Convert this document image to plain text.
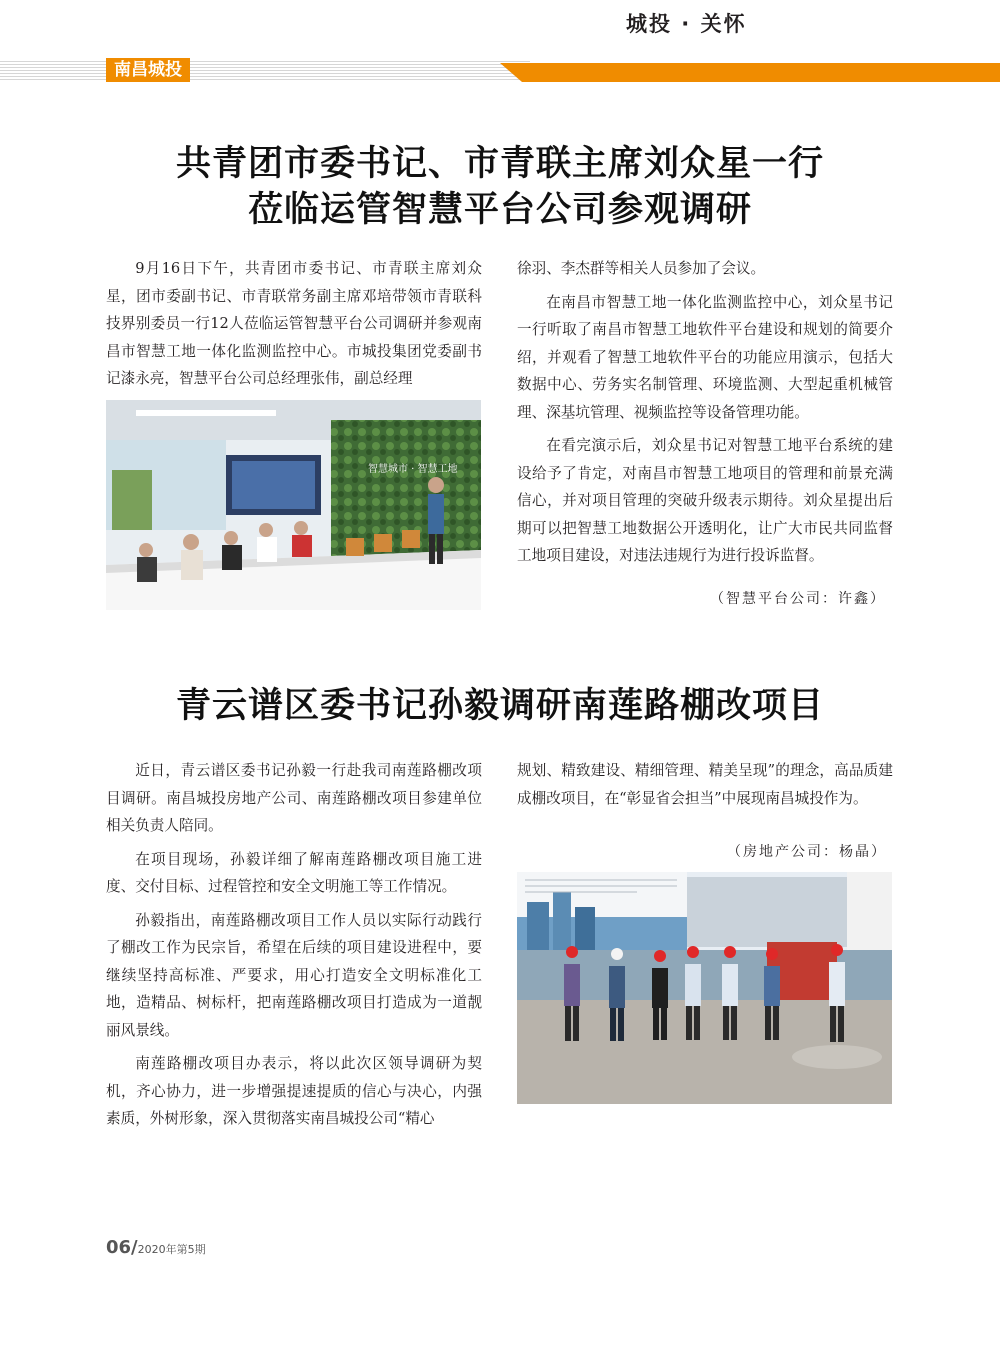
城投 · 关怀
南昌城投
共青团市委书记、市青联主席刘众星一行
莅临运管智慧平台公司参观调研

9月16日下午，共青团市委书记、市青联主席刘众星，团市委副书记、市青联常务副主席邓培带领市青联科技界别委员一行12人莅临运管智慧平台公司调研并参观南昌市智慧工地一体化监测监控中心。市城投集团党委副书记漆永亮，智慧平台公司总经理张伟，副总经理

智慧城市 · 智慧工地

徐羽、李杰群等相关人员参加了会议。

在南昌市智慧工地一体化监测监控中心，刘众星书记一行听取了南昌市智慧工地软件平台建设和规划的简要介绍，并观看了智慧工地软件平台的功能应用演示，包括大数据中心、劳务实名制管理、环境监测、大型起重机械管理、深基坑管理、视频监控等设备管理功能。

在看完演示后，刘众星书记对智慧工地平台系统的建设给予了肯定，对南昌市智慧工地项目的管理和前景充满信心，并对项目管理的突破升级表示期待。刘众星提出后期可以把智慧工地数据公开透明化，让广大市民共同监督工地项目建设，对违法违规行为进行投诉监督。

（智慧平台公司：许鑫）
青云谱区委书记孙毅调研南莲路棚改项目

近日，青云谱区委书记孙毅一行赴我司南莲路棚改项目调研。南昌城投房地产公司、南莲路棚改项目参建单位相关负责人陪同。

在项目现场，孙毅详细了解南莲路棚改项目施工进度、交付目标、过程管控和安全文明施工等工作情况。

孙毅指出，南莲路棚改项目工作人员以实际行动践行了棚改工作为民宗旨，希望在后续的项目建设进程中，要继续坚持高标准、严要求，用心打造安全文明标准化工地，造精品、树标杆，把南莲路棚改项目打造成为一道靓丽风景线。

南莲路棚改项目办表示，将以此次区领导调研为契机，齐心协力，进一步增强提速提质的信心与决心，内强素质，外树形象，深入贯彻落实南昌城投公司“精心

规划、精致建设、精细管理、精美呈现”的理念，高品质建成棚改项目，在“彰显省会担当”中展现南昌城投作为。

（房地产公司：杨晶）
06/2020年第5期
